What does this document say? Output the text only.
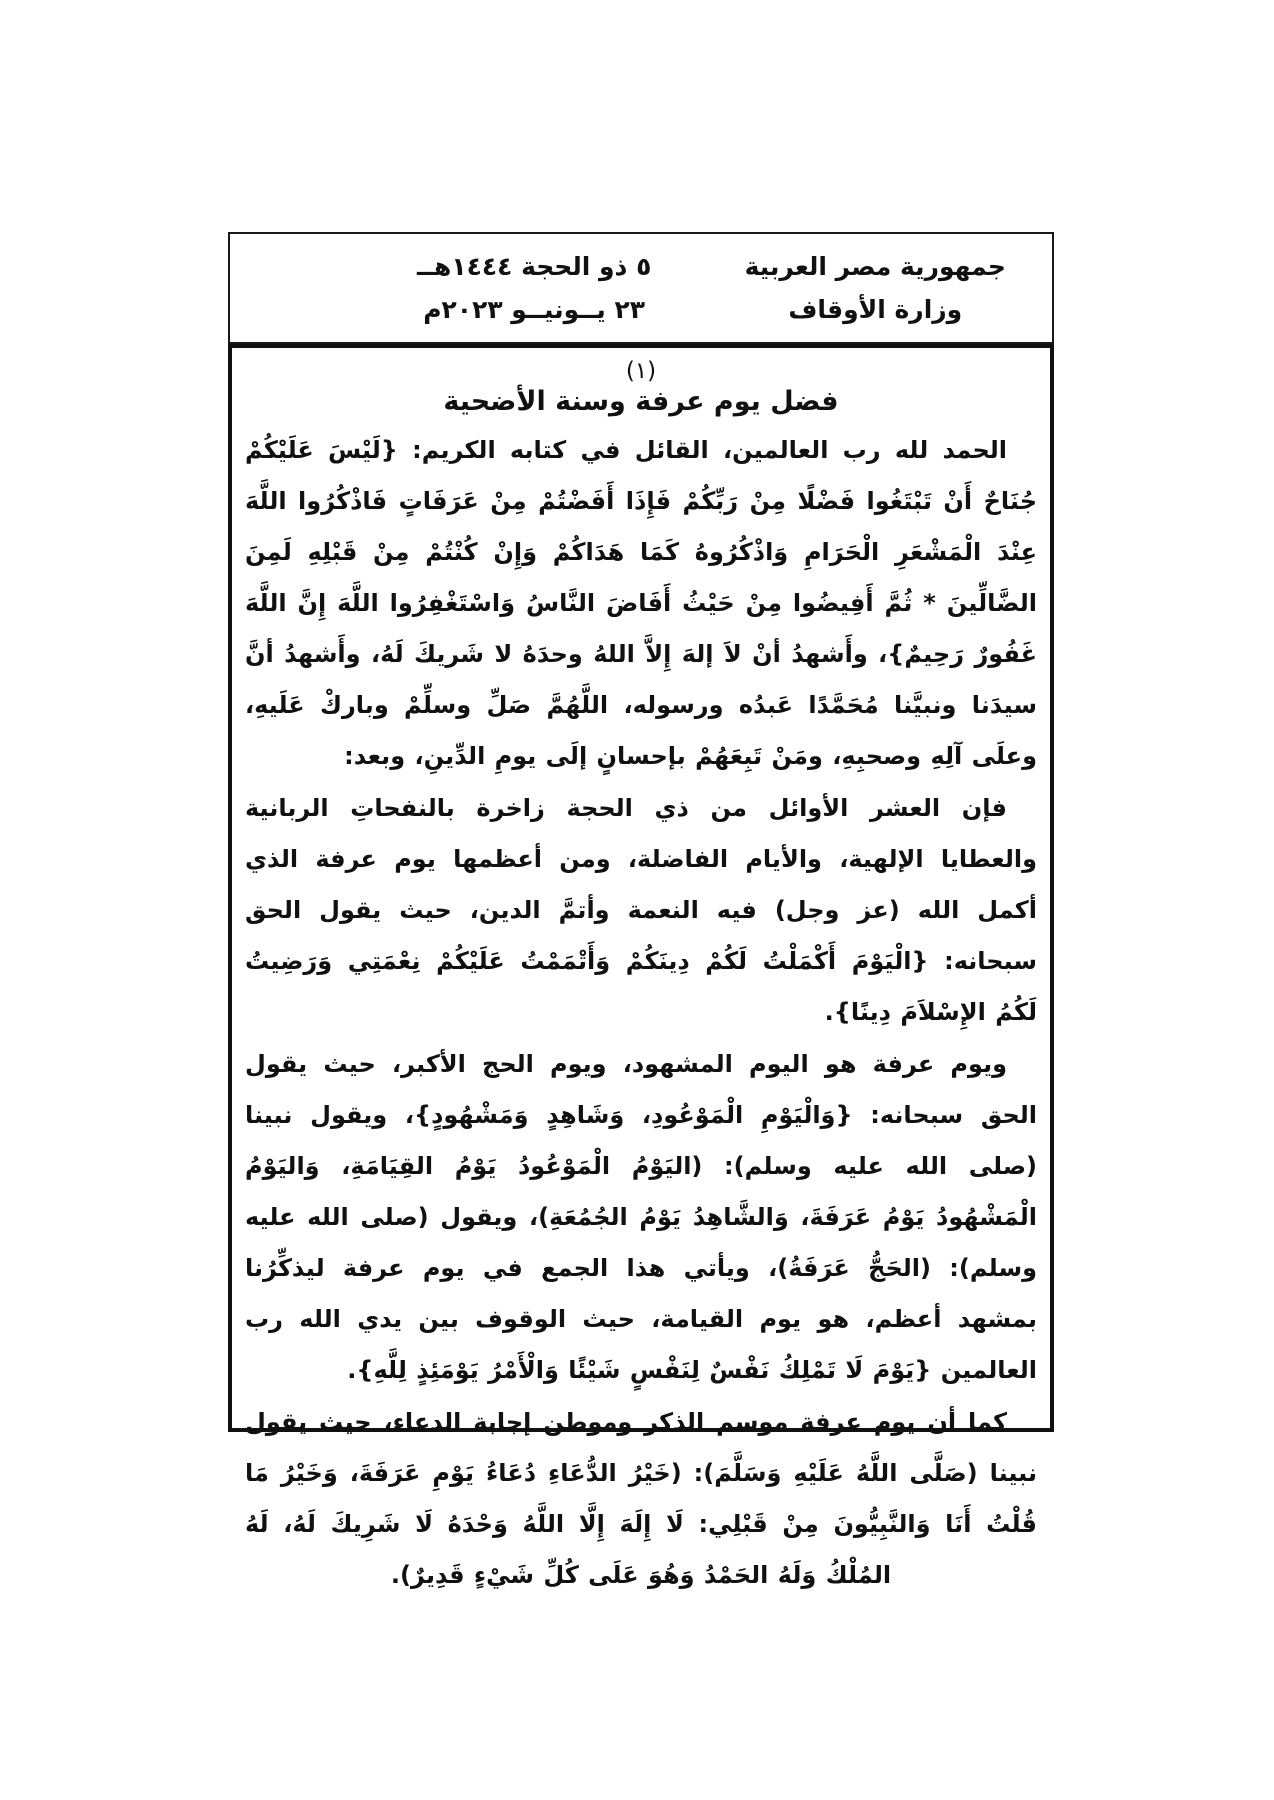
٥ ذو الحجة ١٤٤٤هــ
٢٣ يــونيــو ٢٠٢٣م
جمهورية مصر العربية
وزارة الأوقاف
(١)
فضل يوم عرفة وسنة الأضحية

الحمد لله رب العالمين، القائل في كتابه الكريم: {لَيْسَ عَلَيْكُمْ جُنَاحٌ أَنْ تَبْتَغُوا فَضْلًا مِنْ رَبِّكُمْ فَإِذَا أَفَضْتُمْ مِنْ عَرَفَاتٍ فَاذْكُرُوا اللَّهَ عِنْدَ الْمَشْعَرِ الْحَرَامِ وَاذْكُرُوهُ كَمَا هَدَاكُمْ وَإِنْ كُنْتُمْ مِنْ قَبْلِهِ لَمِنَ الضَّالِّينَ * ثُمَّ أَفِيضُوا مِنْ حَيْثُ أَفَاضَ النَّاسُ وَاسْتَغْفِرُوا اللَّهَ إِنَّ اللَّهَ غَفُورٌ رَحِيمٌ}، وأَشهدُ أنْ لاَ إلهَ إِلاَّ اللهُ وحدَهُ لا شَريكَ لَهُ، وأَشهدُ أنَّ سيدَنا ونبيَّنا مُحَمَّدًا عَبدُه ورسوله، اللَّهُمَّ صَلِّ وسلِّمْ وباركْ عَلَيهِ، وعلَى آلِهِ وصحبِهِ، ومَنْ تَبِعَهُمْ بإحسانٍ إلَى يومِ الدِّينِ، وبعد:

فإن العشر الأوائل من ذي الحجة زاخرة بالنفحاتِ الربانية والعطايا الإلهية، والأيام الفاضلة، ومن أعظمها يوم عرفة الذي أكمل الله (عز وجل) فيه النعمة وأتمَّ الدين، حيث يقول الحق سبحانه: {الْيَوْمَ أَكْمَلْتُ لَكُمْ دِينَكُمْ وَأَتْمَمْتُ عَلَيْكُمْ نِعْمَتِي وَرَضِيتُ لَكُمُ الإِسْلاَمَ دِينًا}.

ويوم عرفة هو اليوم المشهود، ويوم الحج الأكبر، حيث يقول الحق سبحانه: {وَالْيَوْمِ الْمَوْعُودِ، وَشَاهِدٍ وَمَشْهُودٍ}، ويقول نبينا (صلى الله عليه وسلم): (اليَوْمُ الْمَوْعُودُ يَوْمُ القِيَامَةِ، وَاليَوْمُ الْمَشْهُودُ يَوْمُ عَرَفَةَ، وَالشَّاهِدُ يَوْمُ الجُمُعَةِ)، ويقول (صلى الله عليه وسلم): (الحَجُّ عَرَفَةُ)، ويأتي هذا الجمع في يوم عرفة ليذكِّرُنا بمشهد أعظم، هو يوم القيامة، حيث الوقوف بين يدي الله رب العالمين {يَوْمَ لَا تَمْلِكُ نَفْسٌ لِنَفْسٍ شَيْئًا وَالْأَمْرُ يَوْمَئِذٍ لِلَّهِ}.

كما أن يوم عرفة موسم الذكر وموطن إجابة الدعاء، حيث يقول نبينا (صَلَّى اللَّهُ عَلَيْهِ وَسَلَّمَ): (خَيْرُ الدُّعَاءِ دُعَاءُ يَوْمِ عَرَفَةَ، وَخَيْرُ مَا قُلْتُ أَنَا وَالنَّبِيُّونَ مِنْ قَبْلِي: لَا إِلَهَ إِلَّا اللَّهُ وَحْدَهُ لَا شَرِيكَ لَهُ، لَهُ المُلْكُ وَلَهُ الحَمْدُ وَهُوَ عَلَى كُلِّ شَيْءٍ قَدِيرٌ).
